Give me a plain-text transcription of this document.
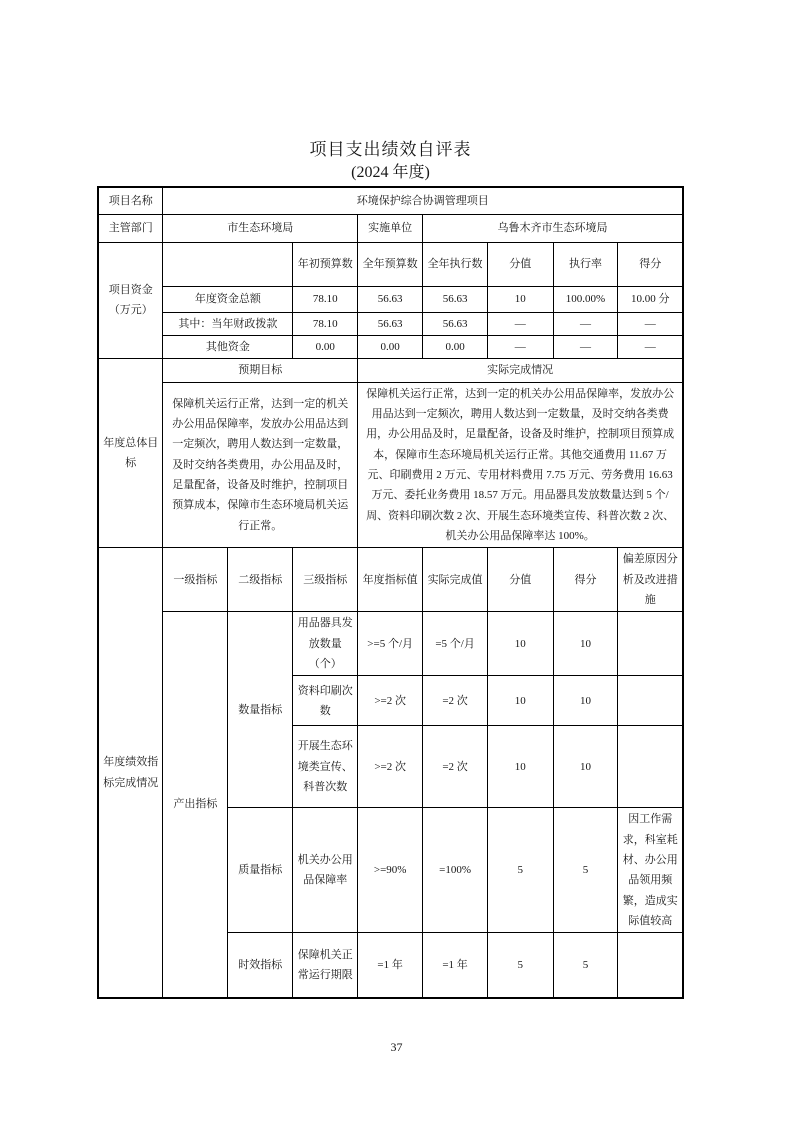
项目支出绩效自评表
(2024 年度)
项目名称	环境保护综合协调管理项目							
主管部门	市生态环境局			实施单位	乌鲁木齐市生态环境局			
项目资金（万元）			年初预算数	全年预算数	全年执行数	分值	执行率	得分
	年度资金总额		78.10	56.63	56.63	10	100.00%	10.00 分
	其中：当年财政拨款		78.10	56.63	56.63	—	—	—
	其他资金		0.00	0.00	0.00	—	—	—
年度总体目标	预期目标			实际完成情况				
	保障机关运行正常，达到一定的机关办公用品保障率，发放办公用品达到一定频次，聘用人数达到一定数量，及时交纳各类费用，办公用品及时，足量配备，设备及时维护，控制项目预算成本，保障市生态环境局机关运行正常。			保障机关运行正常，达到一定的机关办公用品保障率，发放办公用品达到一定频次，聘用人数达到一定数量，及时交纳各类费用，办公用品及时，足量配备，设备及时维护，控制项目预算成本，保障市生态环境局机关运行正常。其他交通费用 11.67 万元、印刷费用 2 万元、专用材料费用 7.75 万元、劳务费用 16.63 万元、委托业务费用 18.57 万元。用品器具发放数量达到 5 个/周、资料印刷次数 2 次、开展生态环境类宣传、科普次数 2 次、机关办公用品保障率达 100%。				
年度绩效指标完成情况	一级指标	二级指标	三级指标	年度指标值	实际完成值	分值	得分	偏差原因分析及改进措施
	产出指标	数量指标	用品器具发放数量（个）	>=5 个/月	=5 个/月	10	10	
			资料印刷次数	>=2 次	=2 次	10	10	
			开展生态环境类宣传、科普次数	>=2 次	=2 次	10	10	
		质量指标	机关办公用品保障率	>=90%	=100%	5	5	因工作需求，科室耗材、办公用品领用频繁，造成实际值较高
		时效指标	保障机关正常运行期限	=1 年	=1 年	5	5	
37
